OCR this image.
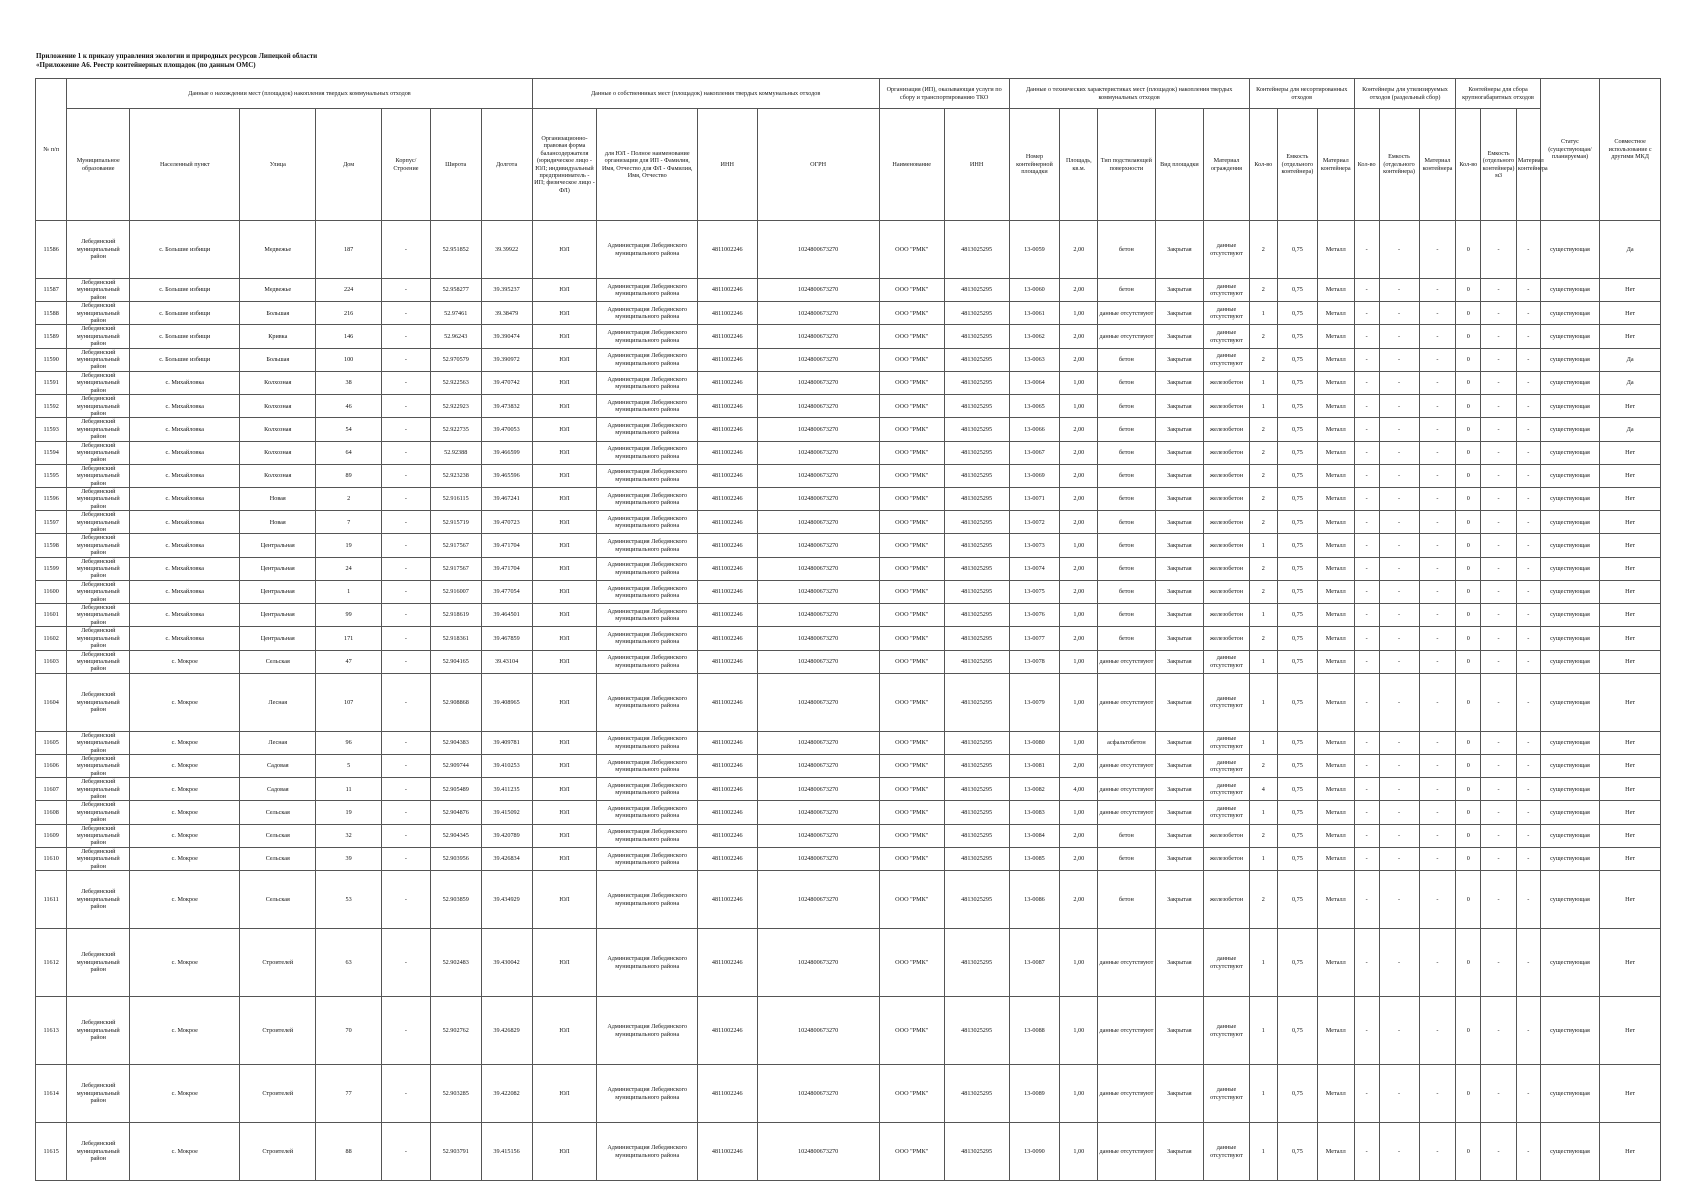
Приложение 1 к приказу управления экологии и природных ресурсов Липецкой области
«Приложение А6. Реестр контейнерных площадок (по данным ОМС)
№ п/п	Данные о нахождении мест (площадок) накопления твердых коммунальных отходов							Данные о собственниках мест (площадок) накопления твердых коммунальных отходов				Организация (ИП), оказывающая услуги по сбору и транспортированию ТКО		Данные о технических характеристиках мест (площадок) накопления твердых коммунальных отходов					Контейнеры для несортированных отходов			Контейнеры для утилизируемых отходов (раздельный сбор)			Контейнеры для сбора крупногабаритных отходов			Статус (существующая/планируемая)	Совместное использование с другими МКД
	Муниципальное образование	Населенный пункт	Улица	Дом	Корпус/Строение	Широта	Долгота	Организационно-правовая форма балансодержателя (юридическое лицо - ЮЛ; индивидуальный предприниматель - ИП; физическое лицо - ФЛ)	для ЮЛ - Полное наименование организации для ИП - Фамилия, Имя, Отчество для ФЛ - Фамилия, Имя, Отчество	ИНН	ОГРН	Наименование	ИНН	Номер контейнерной площадки	Площадь, кв.м.	Тип подстилающей поверхности	Вид площадки	Материал ограждения	Кол-во	Емкость (отдельного контейнера)	Материал контейнера	Кол-во	Емкость (отдельного контейнера)	Материал контейнера	Кол-во	Емкость (отдельного контейнера) м3	Материал контейнера		
11586	Лебедянский муниципальный район	с. Большие избищи	Медвежье	187	-	52.951852	39.39922	ЮЛ	Администрация Лебедянского муниципального района	4811002246	1024800673270	ООО "РМК"	4813025295	13-0059	2,00	бетон	Закрытая	данные отсутствуют	2	0,75	Металл	-	-	-	0	-	-	существующая	Да
11587	Лебедянский муниципальный район	с. Большие избищи	Медвежье	224	-	52.958277	39.395237	ЮЛ	Администрация Лебедянского муниципального района	4811002246	1024800673270	ООО "РМК"	4813025295	13-0060	2,00	бетон	Закрытая	данные отсутствуют	2	0,75	Металл	-	-	-	0	-	-	существующая	Нет
11588	Лебедянский муниципальный район	с. Большие избищи	Большая	216	-	52.97461	39.38479	ЮЛ	Администрация Лебедянского муниципального района	4811002246	1024800673270	ООО "РМК"	4813025295	13-0061	1,00	данные отсутствуют	Закрытая	данные отсутствуют	1	0,75	Металл	-	-	-	0	-	-	существующая	Нет
11589	Лебедянский муниципальный район	с. Большие избищи	Кривка	146	-	52.96243	39.390474	ЮЛ	Администрация Лебедянского муниципального района	4811002246	1024800673270	ООО "РМК"	4813025295	13-0062	2,00	данные отсутствуют	Закрытая	данные отсутствуют	2	0,75	Металл	-	-	-	0	-	-	существующая	Нет
11590	Лебедянский муниципальный район	с. Большие избищи	Большая	100	-	52.970579	39.390972	ЮЛ	Администрация Лебедянского муниципального района	4811002246	1024800673270	ООО "РМК"	4813025295	13-0063	2,00	бетон	Закрытая	данные отсутствуют	2	0,75	Металл	-	-	-	0	-	-	существующая	Да
11591	Лебедянский муниципальный район	с. Михайловка	Колхозная	38	-	52.922563	39.470742	ЮЛ	Администрация Лебедянского муниципального района	4811002246	1024800673270	ООО "РМК"	4813025295	13-0064	1,00	бетон	Закрытая	железобетон	1	0,75	Металл	-	-	-	0	-	-	существующая	Да
11592	Лебедянский муниципальный район	с. Михайловка	Колхозная	46	-	52.922923	39.473832	ЮЛ	Администрация Лебедянского муниципального района	4811002246	1024800673270	ООО "РМК"	4813025295	13-0065	1,00	бетон	Закрытая	железобетон	1	0,75	Металл	-	-	-	0	-	-	существующая	Нет
11593	Лебедянский муниципальный район	с. Михайловка	Колхозная	54	-	52.922735	39.470053	ЮЛ	Администрация Лебедянского муниципального района	4811002246	1024800673270	ООО "РМК"	4813025295	13-0066	2,00	бетон	Закрытая	железобетон	2	0,75	Металл	-	-	-	0	-	-	существующая	Да
11594	Лебедянский муниципальный район	с. Михайловка	Колхозная	64	-	52.92388	39.466599	ЮЛ	Администрация Лебедянского муниципального района	4811002246	1024800673270	ООО "РМК"	4813025295	13-0067	2,00	бетон	Закрытая	железобетон	2	0,75	Металл	-	-	-	0	-	-	существующая	Нет
11595	Лебедянский муниципальный район	с. Михайловка	Колхозная	89	-	52.923238	39.465596	ЮЛ	Администрация Лебедянского муниципального района	4811002246	1024800673270	ООО "РМК"	4813025295	13-0069	2,00	бетон	Закрытая	железобетон	2	0,75	Металл	-	-	-	0	-	-	существующая	Нет
11596	Лебедянский муниципальный район	с. Михайловка	Новая	2	-	52.916115	39.467241	ЮЛ	Администрация Лебедянского муниципального района	4811002246	1024800673270	ООО "РМК"	4813025295	13-0071	2,00	бетон	Закрытая	железобетон	2	0,75	Металл	-	-	-	0	-	-	существующая	Нет
11597	Лебедянский муниципальный район	с. Михайловка	Новая	7	-	52.915719	39.470723	ЮЛ	Администрация Лебедянского муниципального района	4811002246	1024800673270	ООО "РМК"	4813025295	13-0072	2,00	бетон	Закрытая	железобетон	2	0,75	Металл	-	-	-	0	-	-	существующая	Нет
11598	Лебедянский муниципальный район	с. Михайловка	Центральная	19	-	52.917567	39.471704	ЮЛ	Администрация Лебедянского муниципального района	4811002246	1024800673270	ООО "РМК"	4813025295	13-0073	1,00	бетон	Закрытая	железобетон	1	0,75	Металл	-	-	-	0	-	-	существующая	Нет
11599	Лебедянский муниципальный район	с. Михайловка	Центральная	24	-	52.917567	39.471704	ЮЛ	Администрация Лебедянского муниципального района	4811002246	1024800673270	ООО "РМК"	4813025295	13-0074	2,00	бетон	Закрытая	железобетон	2	0,75	Металл	-	-	-	0	-	-	существующая	Нет
11600	Лебедянский муниципальный район	с. Михайловка	Центральная	1	-	52.916007	39.477054	ЮЛ	Администрация Лебедянского муниципального района	4811002246	1024800673270	ООО "РМК"	4813025295	13-0075	2,00	бетон	Закрытая	железобетон	2	0,75	Металл	-	-	-	0	-	-	существующая	Нет
11601	Лебедянский муниципальный район	с. Михайловка	Центральная	99	-	52.918619	39.464501	ЮЛ	Администрация Лебедянского муниципального района	4811002246	1024800673270	ООО "РМК"	4813025295	13-0076	1,00	бетон	Закрытая	железобетон	1	0,75	Металл	-	-	-	0	-	-	существующая	Нет
11602	Лебедянский муниципальный район	с. Михайловка	Центральная	171	-	52.918361	39.467859	ЮЛ	Администрация Лебедянского муниципального района	4811002246	1024800673270	ООО "РМК"	4813025295	13-0077	2,00	бетон	Закрытая	железобетон	2	0,75	Металл	-	-	-	0	-	-	существующая	Нет
11603	Лебедянский муниципальный район	с. Мокрое	Сельская	47	-	52.904165	39.43104	ЮЛ	Администрация Лебедянского муниципального района	4811002246	1024800673270	ООО "РМК"	4813025295	13-0078	1,00	данные отсутствуют	Закрытая	данные отсутствуют	1	0,75	Металл	-	-	-	0	-	-	существующая	Нет
11604	Лебедянский муниципальный район	с. Мокрое	Лесная	107	-	52.908868	39.408965	ЮЛ	Администрация Лебедянского муниципального района	4811002246	1024800673270	ООО "РМК"	4813025295	13-0079	1,00	данные отсутствуют	Закрытая	данные отсутствуют	1	0,75	Металл	-	-	-	0	-	-	существующая	Нет
11605	Лебедянский муниципальный район	с. Мокрое	Лесная	96	-	52.904383	39.409781	ЮЛ	Администрация Лебедянского муниципального района	4811002246	1024800673270	ООО "РМК"	4813025295	13-0080	1,00	асфальтобетон	Закрытая	данные отсутствуют	1	0,75	Металл	-	-	-	0	-	-	существующая	Нет
11606	Лебедянский муниципальный район	с. Мокрое	Садовая	5	-	52.909744	39.410253	ЮЛ	Администрация Лебедянского муниципального района	4811002246	1024800673270	ООО "РМК"	4813025295	13-0081	2,00	данные отсутствуют	Закрытая	данные отсутствуют	2	0,75	Металл	-	-	-	0	-	-	существующая	Нет
11607	Лебедянский муниципальный район	с. Мокрое	Садовая	11	-	52.905489	39.411235	ЮЛ	Администрация Лебедянского муниципального района	4811002246	1024800673270	ООО "РМК"	4813025295	13-0082	4,00	данные отсутствуют	Закрытая	данные отсутствуют	4	0,75	Металл	-	-	-	0	-	-	существующая	Нет
11608	Лебедянский муниципальный район	с. Мокрое	Сельская	19	-	52.904876	39.415092	ЮЛ	Администрация Лебедянского муниципального района	4811002246	1024800673270	ООО "РМК"	4813025295	13-0083	1,00	данные отсутствуют	Закрытая	данные отсутствуют	1	0,75	Металл	-	-	-	0	-	-	существующая	Нет
11609	Лебедянский муниципальный район	с. Мокрое	Сельская	32	-	52.904345	39.420789	ЮЛ	Администрация Лебедянского муниципального района	4811002246	1024800673270	ООО "РМК"	4813025295	13-0084	2,00	бетон	Закрытая	железобетон	2	0,75	Металл	-	-	-	0	-	-	существующая	Нет
11610	Лебедянский муниципальный район	с. Мокрое	Сельская	39	-	52.903956	39.426834	ЮЛ	Администрация Лебедянского муниципального района	4811002246	1024800673270	ООО "РМК"	4813025295	13-0085	2,00	бетон	Закрытая	железобетон	1	0,75	Металл	-	-	-	0	-	-	существующая	Нет
11611	Лебедянский муниципальный район	с. Мокрое	Сельская	53	-	52.903859	39.434929	ЮЛ	Администрация Лебедянского муниципального района	4811002246	1024800673270	ООО "РМК"	4813025295	13-0086	2,00	бетон	Закрытая	железобетон	2	0,75	Металл	-	-	-	0	-	-	существующая	Нет
11612	Лебедянский муниципальный район	с. Мокрое	Строителей	63	-	52.902483	39.430042	ЮЛ	Администрация Лебедянского муниципального района	4811002246	1024800673270	ООО "РМК"	4813025295	13-0087	1,00	данные отсутствуют	Закрытая	данные отсутствуют	1	0,75	Металл	-	-	-	0	-	-	существующая	Нет
11613	Лебедянский муниципальный район	с. Мокрое	Строителей	70	-	52.902762	39.426829	ЮЛ	Администрация Лебедянского муниципального района	4811002246	1024800673270	ООО "РМК"	4813025295	13-0088	1,00	данные отсутствуют	Закрытая	данные отсутствуют	1	0,75	Металл	-	-	-	0	-	-	существующая	Нет
11614	Лебедянский муниципальный район	с. Мокрое	Строителей	77	-	52.903285	39.422082	ЮЛ	Администрация Лебедянского муниципального района	4811002246	1024800673270	ООО "РМК"	4813025295	13-0089	1,00	данные отсутствуют	Закрытая	данные отсутствуют	1	0,75	Металл	-	-	-	0	-	-	существующая	Нет
11615	Лебедянский муниципальный район	с. Мокрое	Строителей	88	-	52.903791	39.415156	ЮЛ	Администрация Лебедянского муниципального района	4811002246	1024800673270	ООО "РМК"	4813025295	13-0090	1,00	данные отсутствуют	Закрытая	данные отсутствуют	1	0,75	Металл	-	-	-	0	-	-	существующая	Нет
